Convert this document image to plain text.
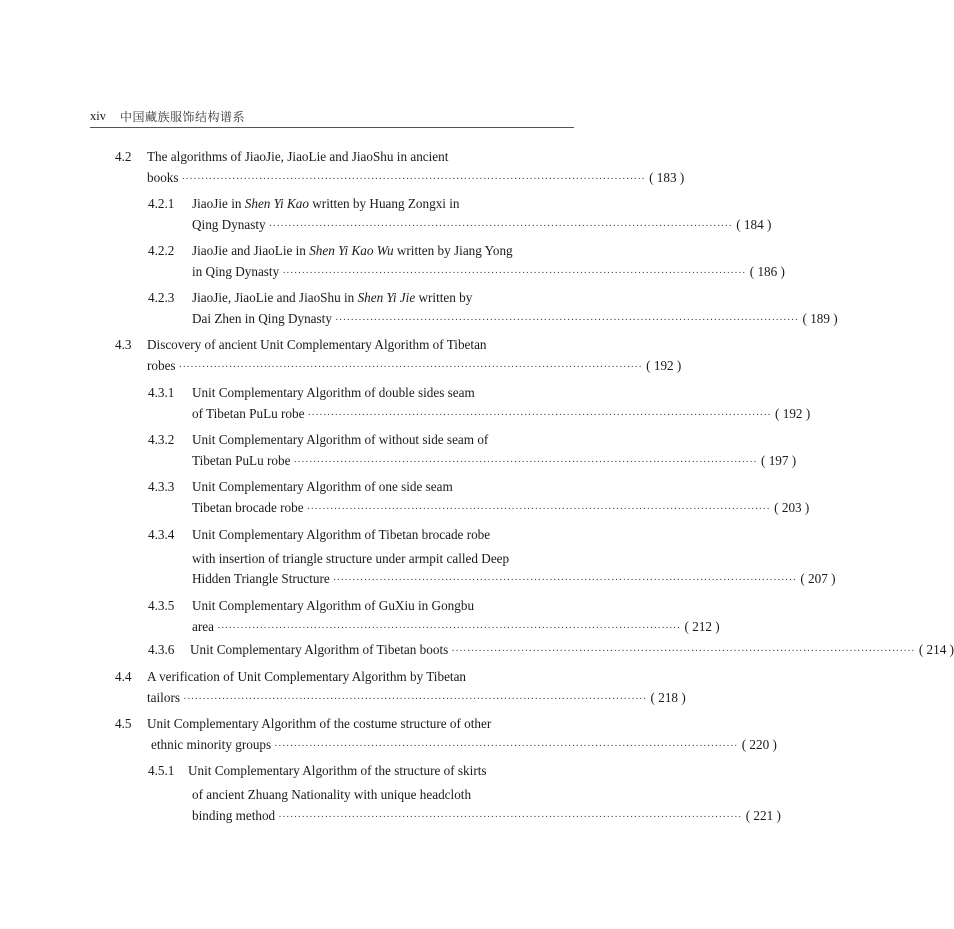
xiv 中国藏族服饰结构谱系
4.2 The algorithms of JiaoJie, JiaoLie and JiaoShu in ancient
books ························································································································ ( 183 )
4.2.1 JiaoJie in Shen Yi Kao written by Huang Zongxi in
Qing Dynasty ························································································································ ( 184 )
4.2.2 JiaoJie and JiaoLie in Shen Yi Kao Wu written by Jiang Yong
in Qing Dynasty ························································································································ ( 186 )
4.2.3 JiaoJie, JiaoLie and JiaoShu in Shen Yi Jie written by
Dai Zhen in Qing Dynasty ························································································································ ( 189 )
4.3 Discovery of ancient Unit Complementary Algorithm of Tibetan
robes ························································································································ ( 192 )
4.3.1 Unit Complementary Algorithm of double sides seam
of Tibetan PuLu robe ························································································································ ( 192 )
4.3.2 Unit Complementary Algorithm of without side seam of
Tibetan PuLu robe ························································································································ ( 197 )
4.3.3 Unit Complementary Algorithm of one side seam
Tibetan brocade robe ························································································································ ( 203 )
4.3.4 Unit Complementary Algorithm of Tibetan brocade robe
with insertion of triangle structure under armpit called Deep
Hidden Triangle Structure ························································································································ ( 207 )
4.3.5 Unit Complementary Algorithm of GuXiu in Gongbu
area ························································································································ ( 212 )
4.3.6 Unit Complementary Algorithm of Tibetan boots ························································································································ ( 214 )
4.4 A verification of Unit Complementary Algorithm by Tibetan
tailors ························································································································ ( 218 )
4.5 Unit Complementary Algorithm of the costume structure of other
ethnic minority groups ························································································································ ( 220 )
4.5.1 Unit Complementary Algorithm of the structure of skirts
of ancient Zhuang Nationality with unique headcloth
binding method ························································································································ ( 221 )
